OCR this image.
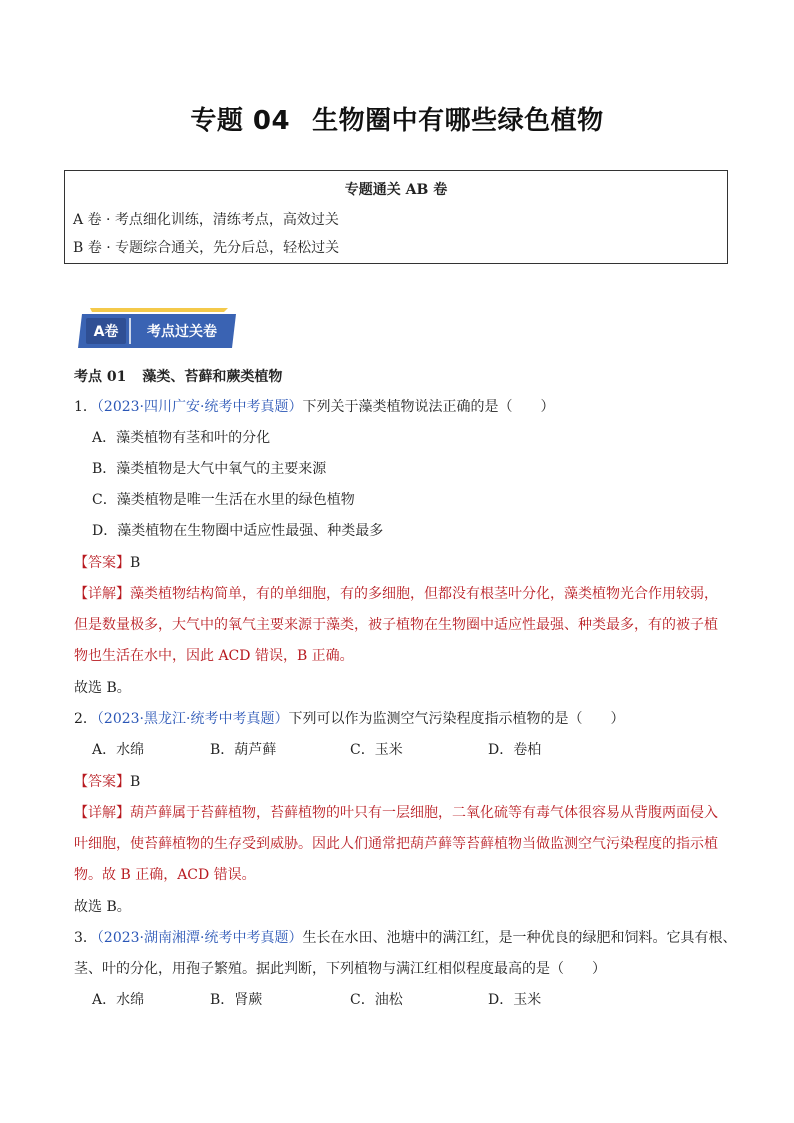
专题 04 生物圈中有哪些绿色植物
专题通关 AB 卷
A 卷 · 考点细化训练，清练考点，高效过关
B 卷 · 专题综合通关，先分后总，轻松过关
A卷 考点过关卷
考点 01 藻类、苔藓和蕨类植物
1．（2023·四川广安·统考中考真题）下列关于藻类植物说法正确的是（　　）
A．藻类植物有茎和叶的分化
B．藻类植物是大气中氧气的主要来源
C．藻类植物是唯一生活在水里的绿色植物
D．藻类植物在生物圈中适应性最强、种类最多
【答案】B
【详解】藻类植物结构简单，有的单细胞，有的多细胞，但都没有根茎叶分化，藻类植物光合作用较弱，
但是数量极多，大气中的氧气主要来源于藻类，被子植物在生物圈中适应性最强、种类最多，有的被子植
物也生活在水中，因此 ACD 错误，B 正确。
故选 B。
2．（2023·黑龙江·统考中考真题）下列可以作为监测空气污染程度指示植物的是（　　）
A．水绵	B．葫芦藓	C．玉米	D．卷柏
【答案】B
【详解】葫芦藓属于苔藓植物，苔藓植物的叶只有一层细胞，二氧化硫等有毒气体很容易从背腹两面侵入
叶细胞，使苔藓植物的生存受到威胁。因此人们通常把葫芦藓等苔藓植物当做监测空气污染程度的指示植
物。故 B 正确，ACD 错误。
故选 B。
3．（2023·湖南湘潭·统考中考真题）生长在水田、池塘中的满江红，是一种优良的绿肥和饲料。它具有根、
茎、叶的分化，用孢子繁殖。据此判断，下列植物与满江红相似程度最高的是（　　）
A．水绵	B．肾蕨	C．油松	D．玉米
